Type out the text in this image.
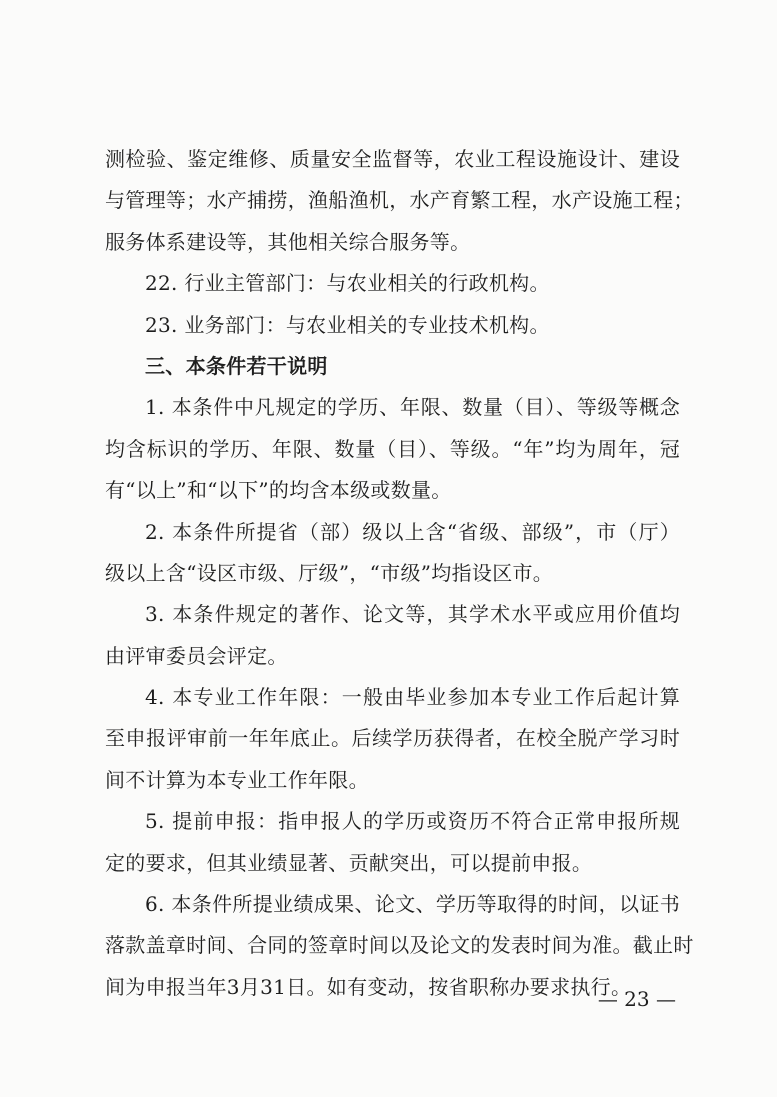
测检验、鉴定维修、质量安全监督等，农业工程设施设计、建设
与管理等；水产捕捞，渔船渔机，水产育繁工程，水产设施工程；
服务体系建设等，其他相关综合服务等。
22. 行业主管部门：与农业相关的行政机构。
23. 业务部门：与农业相关的专业技术机构。
三、本条件若干说明
1. 本条件中凡规定的学历、年限、数量（目）、等级等概念
均含标识的学历、年限、数量（目）、等级。“年”均为周年，冠
有“以上”和“以下”的均含本级或数量。
2. 本条件所提省（部）级以上含“省级、部级”，市（厅）
级以上含“设区市级、厅级”，“市级”均指设区市。
3. 本条件规定的著作、论文等，其学术水平或应用价值均
由评审委员会评定。
4. 本专业工作年限：一般由毕业参加本专业工作后起计算
至申报评审前一年年底止。后续学历获得者，在校全脱产学习时
间不计算为本专业工作年限。
5. 提前申报：指申报人的学历或资历不符合正常申报所规
定的要求，但其业绩显著、贡献突出，可以提前申报。
6. 本条件所提业绩成果、论文、学历等取得的时间，以证书
落款盖章时间、合同的签章时间以及论文的发表时间为准。截止时
间为申报当年3月31日。如有变动，按省职称办要求执行。
— 23 —
